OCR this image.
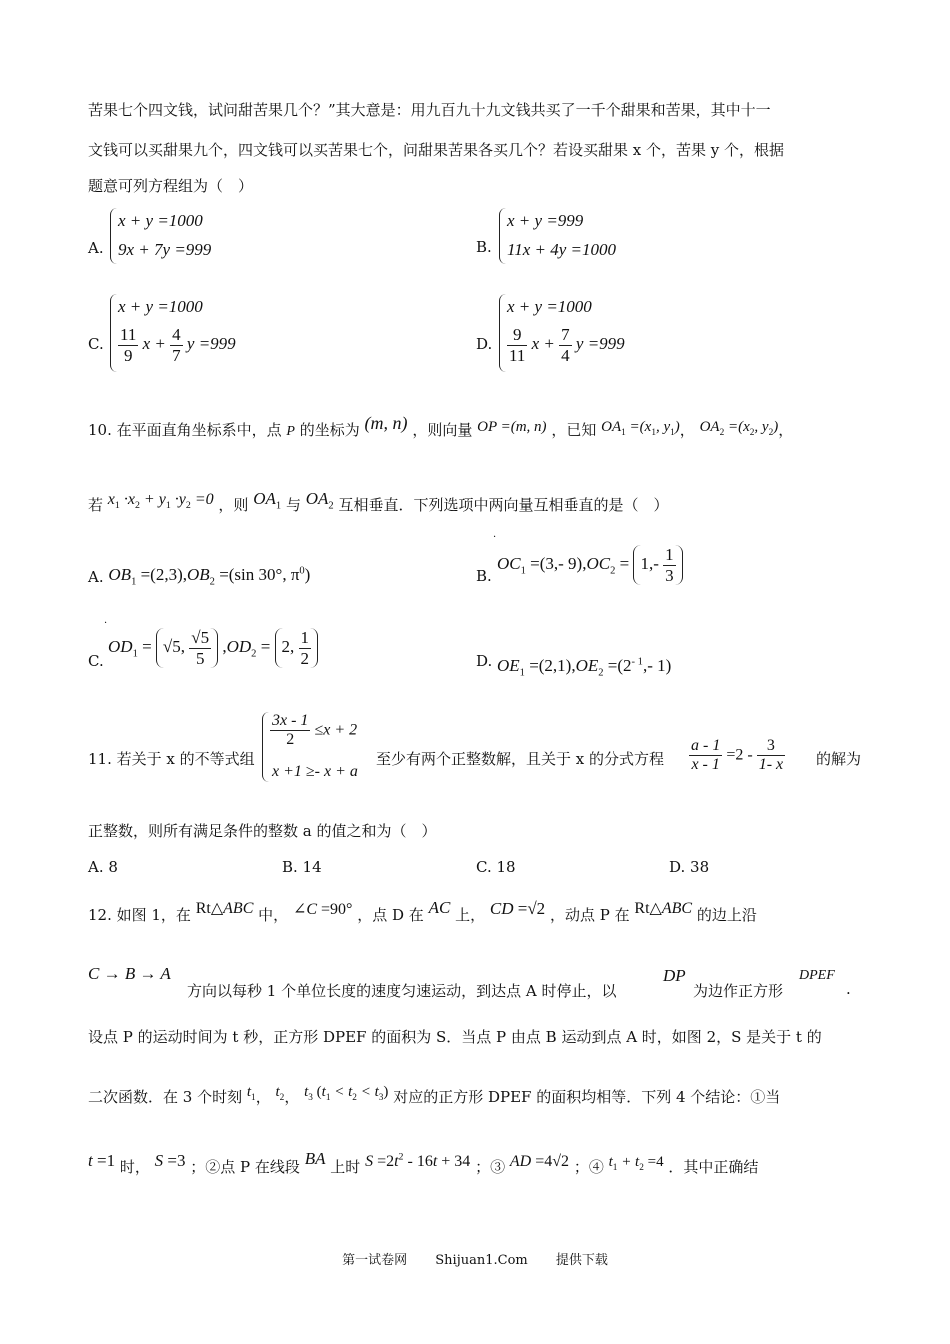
苦果七个四文钱，试问甜苦果几个？”其大意是：用九百九十九文钱共买了一千个甜果和苦果，其中十一
文钱可以买甜果九个，四文钱可以买苦果七个，问甜果苦果各买几个？若设买甜果 x 个，苦果 y 个，根据
题意可列方程组为（　）
A.
x + y =1000
9x + 7y =999	B.
x + y =999
11x + 4y =1000
C.
x + y =1000
$\frac{11}{9}$ $x + \frac{4}{7}$ y =999	D.
x + y =1000
$\frac{9}{11}$ $x + \frac{7}{4}$ y =999
10. 在平面直角坐标系中，点 P 的坐标为 (m, n) ，则向量 OP =(m, n) ，已知 $OA_1 =(x_1$, $y_1$)， $OA_2 =(x_2$, $y_2$)，
若 $x_1 \cdot x_2 + y_1 \cdot y_2 =0$ ，则 $OA_1$ 与 $OA_2$ 互相垂直．下列选项中两向量互相垂直的是（　）
A. $OB_1 =(2,3),OB_2 =(\sin$ 30°, $\pi^0$)
·
B.
$OC_1 =(3,-$ $9),OC_2 = 1,- \frac{1}{3}$
·
C.
$OD_1 = √5$, $\frac{√5}{5} ,OD_2 = 2$, $\frac{1}{2}$	D. $OE_1 =(2,1),OE_2 =(2^{- 1},-$ 1)
11. 若关于 x 的不等式组
$\frac{3x - 1}{2} \le x + 2$
x +1 ≥- x + a
至少有两个正整数解，且关于 x 的分式方程 $\frac{a - 1}{x - 1} =2 - \frac{3}{1- x}$ 的解为
正整数，则所有满足条件的整数 a 的值之和为（　）
A. 8	B. 14	C. 18	D. 38
12. 如图 1，在 Rt△ABC 中， ∠C =90° ，点 D 在 AC 上， CD =√2 ，动点 P 在 Rt△ABC 的边上沿
C → B → A
方向以每秒 1 个单位长度的速度匀速运动，到达点 A 时停止，以
DP
为边作正方形
DPEF
.
设点 P 的运动时间为 t 秒，正方形 DPEF 的面积为 S．当点 P 由点 B 运动到点 A 时，如图 2，S 是关于 t 的
二次函数．在 3 个时刻 $t_1$， $t_2$， $t_3$ $(t_1 < t_2 < t_3)$ 对应的正方形 DPEF 的面积均相等．下列 4 个结论：①当
t =1 时， S =3 ；②点 P 在线段 BA 上时 $S =2t^2 - 16t + 34$ ；③ AD =4√2 ；④ $t_1 + t_2 =4$ ．其中正确结
第一试卷网 Shijuan1.Com 提供下载
